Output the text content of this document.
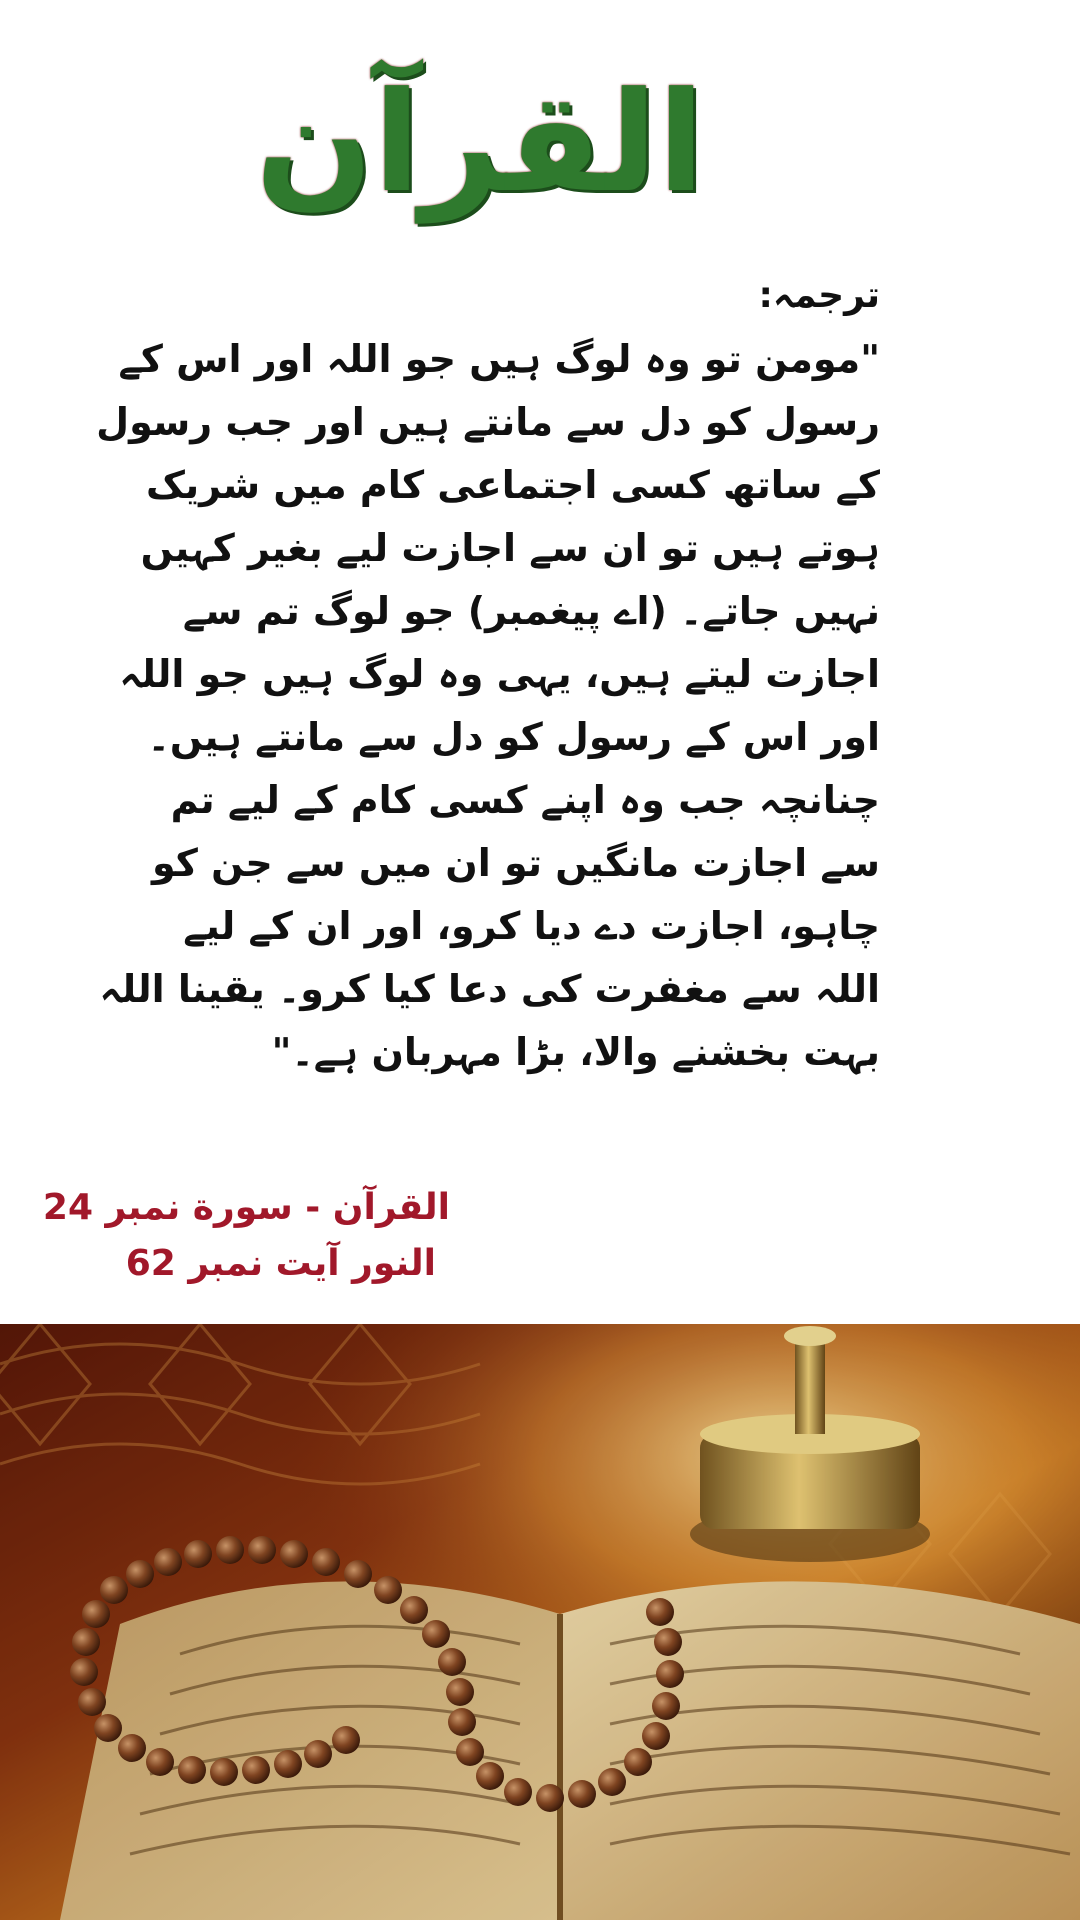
القرآن
ترجمہ:
"مومن تو وہ لوگ ہیں جو اللہ اور اس کے
رسول کو دل سے مانتے ہیں اور جب رسول
کے ساتھ کسی اجتماعی کام میں شریک
ہوتے ہیں تو ان سے اجازت لیے بغیر کہیں
نہیں جاتے۔ (اے پیغمبر) جو لوگ تم سے
اجازت لیتے ہیں، یہی وہ لوگ ہیں جو اللہ
اور اس کے رسول کو دل سے مانتے ہیں۔
چنانچہ جب وہ اپنے کسی کام کے لیے تم
سے اجازت مانگیں تو ان میں سے جن کو
چاہو، اجازت دے دیا کرو، اور ان کے لیے
اللہ سے مغفرت کی دعا کیا کرو۔ یقینا اللہ
بہت بخشنے والا، بڑا مہربان ہے۔"
القرآن - سورة نمبر 24
النور آیت نمبر 62
